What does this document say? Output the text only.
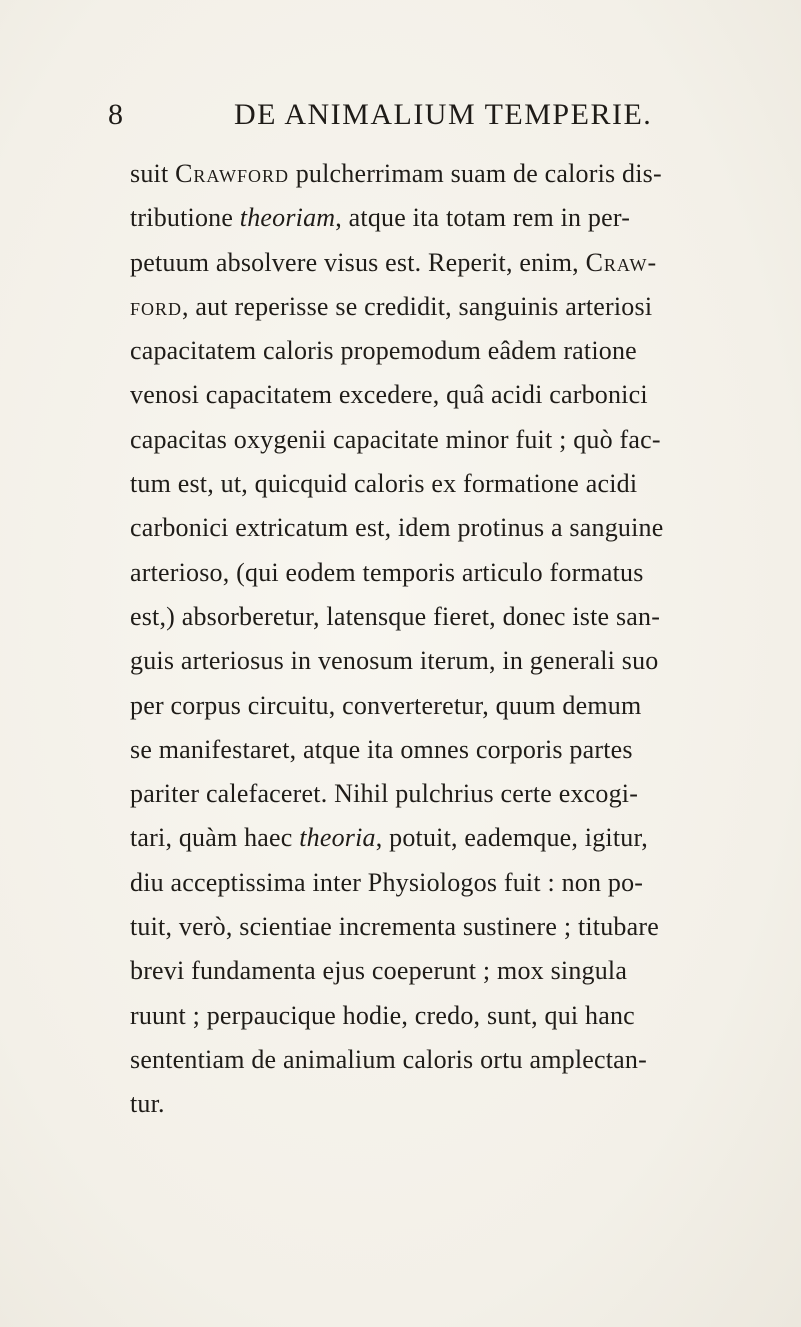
8	DE ANIMALIUM TEMPERIE.
suit Crawford pulcherrimam suam de caloris dis-
tributione theoriam, atque ita totam rem in per-
petuum absolvere visus est. Reperit, enim, Craw-
ford, aut reperisse se credidit, sanguinis arteriosi
capacitatem caloris propemodum eâdem ratione
venosi capacitatem excedere, quâ acidi carbonici
capacitas oxygenii capacitate minor fuit ; quò fac-
tum est, ut, quicquid caloris ex formatione acidi
carbonici extricatum est, idem protinus a sanguine
arterioso, (qui eodem temporis articulo formatus
est,) absorberetur, latensque fieret, donec iste san-
guis arteriosus in venosum iterum, in generali suo
per corpus circuitu, converteretur, quum demum
se manifestaret, atque ita omnes corporis partes
pariter calefaceret. Nihil pulchrius certe excogi-
tari, quàm haec theoria, potuit, eademque, igitur,
diu acceptissima inter Physiologos fuit : non po-
tuit, verò, scientiae incrementa sustinere ; titubare
brevi fundamenta ejus coeperunt ; mox singula
ruunt ; perpaucique hodie, credo, sunt, qui hanc
sententiam de animalium caloris ortu amplectan-
tur.
